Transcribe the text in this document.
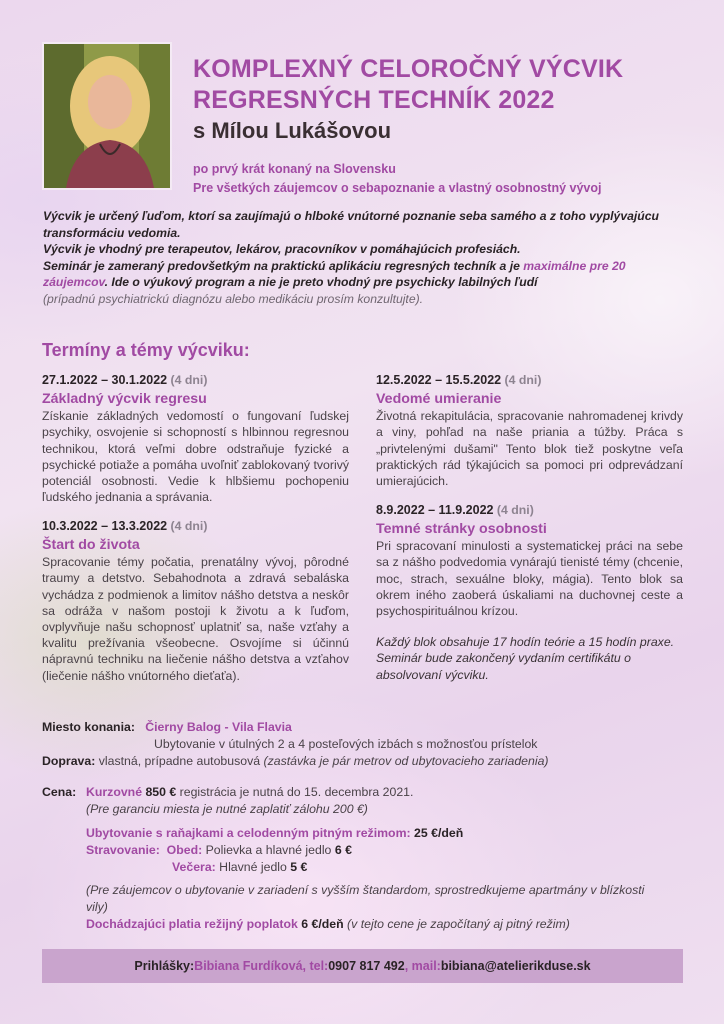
KOMPLEXNÝ CELOROČNÝ VÝCVIK
REGRESNÝCH TECHNÍK 2022
s Mílou Lukášovou
po prvý krát konaný na Slovensku
Pre všetkých záujemcov o sebapoznanie a vlastný osobnostný vývoj
Výcvik je určený ľuďom, ktorí sa zaujímajú o hlboké vnútorné poznanie seba samého a z toho vyplývajúcu transformáciu vedomia.
Výcvik je vhodný pre terapeutov, lekárov, pracovníkov v pomáhajúcich profesiách.
Seminár je zameraný predovšetkým na praktickú aplikáciu regresných techník a je maximálne pre 20 záujemcov. Ide o výukový program a nie je preto vhodný pre psychicky labilných ľudí
(prípadnú psychiatrickú diagnózu alebo medikáciu prosím konzultujte).
Termíny a témy výcviku:
27.1.2022 – 30.1.2022 (4 dni)
Základný výcvik regresu
Získanie základných vedomostí o fungovaní ľudskej psychiky, osvojenie si schopností s hlbinnou regresnou technikou, ktorá veľmi dobre odstraňuje fyzické a psychické potiaže a pomáha uvoľniť zablokovaný tvorivý potenciál osobnosti. Vedie k hlbšiemu pochopeniu ľudského jednania a správania.
10.3.2022 – 13.3.2022 (4 dni)
Štart do života
Spracovanie témy počatia, prenatálny vývoj, pôrodné traumy a detstvo. Sebahodnota a zdravá sebaláska vychádza z podmienok a limitov nášho detstva a neskôr sa odráža v našom postoji k životu a k ľuďom, ovplyvňuje našu schopnosť uplatniť sa, naše vzťahy a kvalitu prežívania všeobecne. Osvojíme si účinnú nápravnú techniku na liečenie nášho detstva a vzťahov (liečenie nášho vnútorného dieťaťa).
12.5.2022 – 15.5.2022 (4 dni)
Vedomé umieranie
Životná rekapitulácia, spracovanie nahromadenej krivdy a viny, pohľad na naše priania a túžby. Práca s „privtelenými dušami" Tento blok tiež poskytne veľa praktických rád týkajúcich sa pomoci pri odprevádzaní umierajúcich.
8.9.2022 – 11.9.2022 (4 dni)
Temné stránky osobnosti
Pri spracovaní minulosti a systematickej práci na sebe sa z nášho podvedomia vynárajú tienisté témy (chcenie, moc, strach, sexuálne bloky, mágia). Tento blok sa okrem iného zaoberá úskaliami na duchovnej ceste a psychospirituálnou krízou.
Každý blok obsahuje 17 hodín teórie a 15 hodín praxe. Seminár bude zakončený vydaním certifikátu o absolvovaní výcviku.
Miesto konania: Čierny Balog - Vila Flavia
Ubytovanie v útulných 2 a 4 posteľových izbách s možnosťou prístelok
Doprava: vlastná, prípadne autobusová (zastávka je pár metrov od ubytovacieho zariadenia)
Cena: Kurzovné 850 € registrácia je nutná do 15. decembra 2021.
(Pre garanciu miesta je nutné zaplatiť zálohu 200 €)
Ubytovanie s raňajkami a celodenným pitným režimom: 25 €/deň
Stravovanie: Obed: Polievka a hlavné jedlo 6 €
Večera: Hlavné jedlo 5 €
(Pre záujemcov o ubytovanie v zariadení s vyšším štandardom, sprostredkujeme apartmány v blízkosti vily)
Dochádzajúci platia režijný poplatok 6 €/deň (v tejto cene je započítaný aj pitný režim)
Prihlášky: Bibiana Furdíková, tel: 0907 817 492 , mail: bibiana@atelierikduse.sk
